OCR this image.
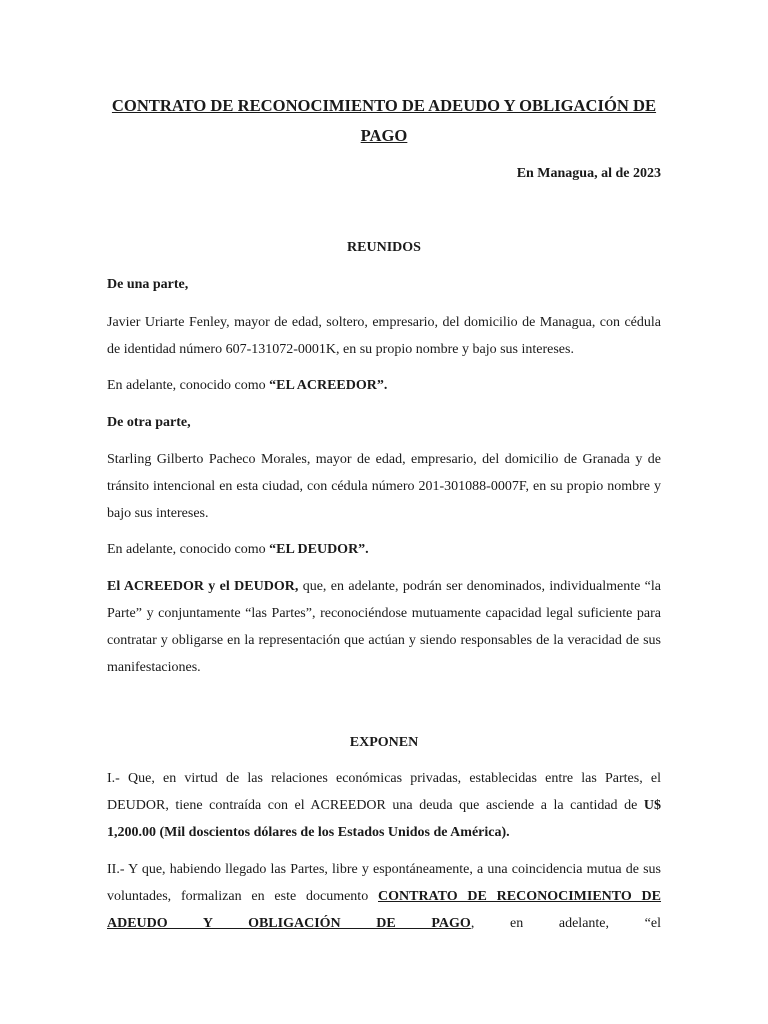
CONTRATO DE RECONOCIMIENTO DE ADEUDO Y OBLIGACIÓN DE PAGO

En Managua, al de 2023

REUNIDOS

De una parte,

Javier Uriarte Fenley, mayor de edad, soltero, empresario, del domicilio de Managua, con cédula de identidad número 607-131072-0001K, en su propio nombre y bajo sus intereses.

En adelante, conocido como “EL ACREEDOR”.

De otra parte,

Starling Gilberto Pacheco Morales, mayor de edad, empresario, del domicilio de Granada y de tránsito intencional en esta ciudad, con cédula número 201-301088-0007F, en su propio nombre y bajo sus intereses.

En adelante, conocido como “EL DEUDOR”.

El ACREEDOR y el DEUDOR, que, en adelante, podrán ser denominados, individualmente “la Parte” y conjuntamente “las Partes”, reconociéndose mutuamente capacidad legal suficiente para contratar y obligarse en la representación que actúan y siendo responsables de la veracidad de sus manifestaciones.

EXPONEN

I.- Que, en virtud de las relaciones económicas privadas, establecidas entre las Partes, el DEUDOR, tiene contraída con el ACREEDOR una deuda que asciende a la cantidad de U$ 1,200.00 (Mil doscientos dólares de los Estados Unidos de América).

II.- Y que, habiendo llegado las Partes, libre y espontáneamente, a una coincidencia mutua de sus voluntades, formalizan en este documento CONTRATO DE RECONOCIMIENTO DE ADEUDO Y OBLIGACIÓN DE PAGO, en adelante, “el
